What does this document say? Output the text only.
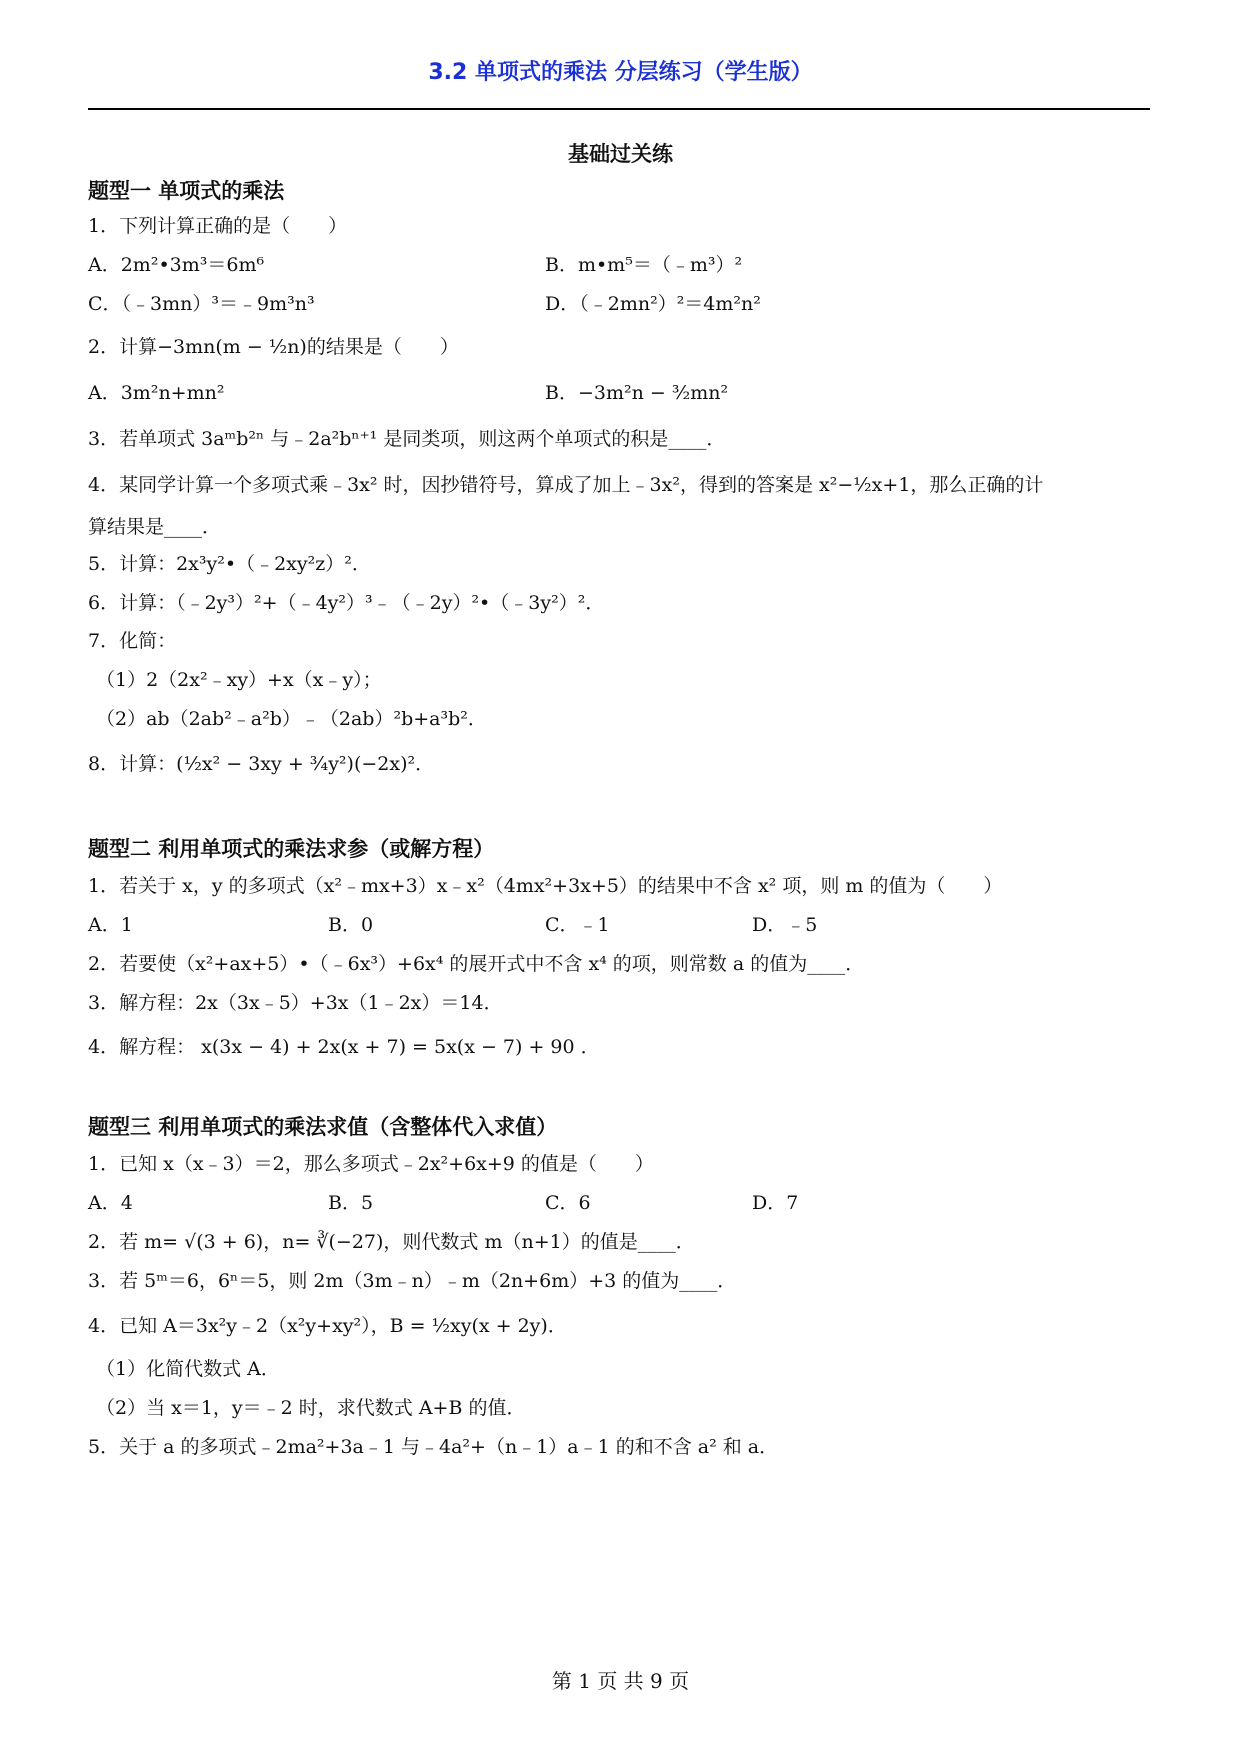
3.2 单项式的乘法 分层练习（学生版）
基础过关练
题型一 单项式的乘法
1．下列计算正确的是（　　）
A．2m²•3m³＝6m⁶	B．m•m⁵＝（﹣m³）²
C．（﹣3mn）³＝﹣9m³n³	D．（﹣2mn²）²＝4m²n²
2．计算−3mn(m − ½n)的结果是（　　）
A．3m²n+mn²	B．−3m²n − ³⁄₂mn²
3．若单项式 3aᵐb²ⁿ 与﹣2a²bⁿ⁺¹ 是同类项，则这两个单项式的积是____．
4．某同学计算一个多项式乘﹣3x² 时，因抄错符号，算成了加上﹣3x²，得到的答案是 x²−½x+1，那么正确的计
算结果是____．
5．计算：2x³y²•（﹣2xy²z）²．
6．计算：（﹣2y³）²+（﹣4y²）³﹣（﹣2y）²•（﹣3y²）²．
7．化简：
（1）2（2x²﹣xy）+x（x﹣y）；
（2）ab（2ab²﹣a²b）﹣（2ab）²b+a³b²．
8．计算：(½x² − 3xy + ¾y²)(−2x)²．
题型二 利用单项式的乘法求参（或解方程）
1．若关于 x，y 的多项式（x²﹣mx+3）x﹣x²（4mx²+3x+5）的结果中不含 x² 项，则 m 的值为（　　）
A．1	B．0	C．﹣1	D．﹣5
2．若要使（x²+ax+5）•（﹣6x³）+6x⁴ 的展开式中不含 x⁴ 的项，则常数 a 的值为____．
3．解方程：2x（3x﹣5）+3x（1﹣2x）＝14．
4．解方程： x(3x − 4) + 2x(x + 7) = 5x(x − 7) + 90 ．
题型三 利用单项式的乘法求值（含整体代入求值）
1．已知 x（x﹣3）＝2，那么多项式﹣2x²+6x+9 的值是（　　）
A．4	B．5	C．6	D．7
2．若 m= √(3 + 6)，n= ∛(−27)，则代数式 m（n+1）的值是____．
3．若 5ᵐ＝6，6ⁿ＝5，则 2m（3m﹣n）﹣m（2n+6m）+3 的值为____．
4．已知 A＝3x²y﹣2（x²y+xy²），B = ½xy(x + 2y)．
（1）化简代数式 A．
（2）当 x＝1，y＝﹣2 时，求代数式 A+B 的值．
5．关于 a 的多项式﹣2ma²+3a﹣1 与﹣4a²+（n﹣1）a﹣1 的和不含 a² 和 a．
第 1 页 共 9 页
